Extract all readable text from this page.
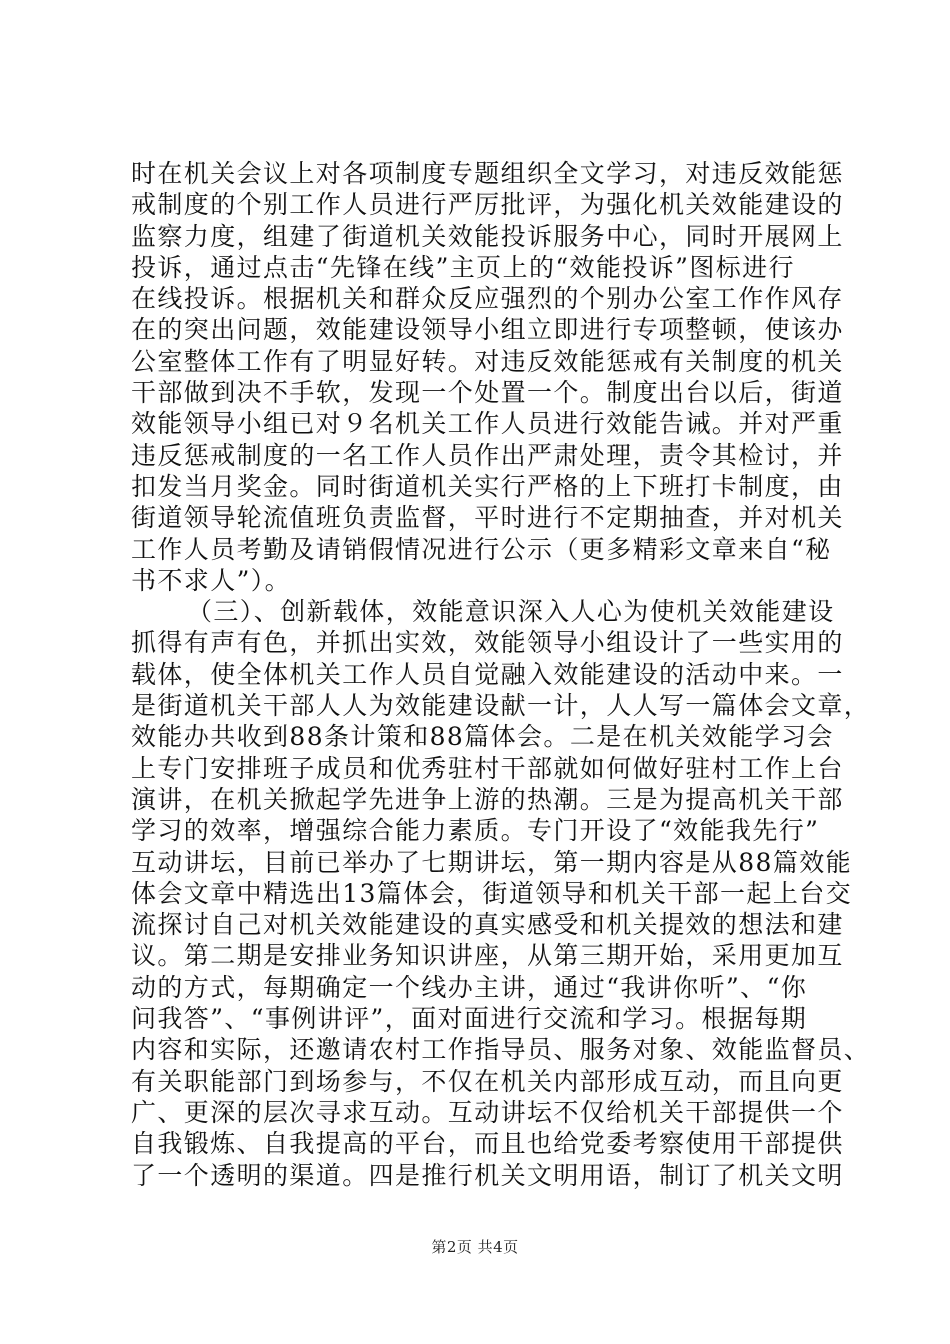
时在机关会议上对各项制度专题组织全文学习，对违反效能惩
戒制度的个别工作人员进行严厉批评，为强化机关效能建设的
监察力度，组建了街道机关效能投诉服务中心，同时开展网上
投诉，通过点击“先锋在线”主页上的“效能投诉”图标进行
在线投诉。根据机关和群众反应强烈的个别办公室工作作风存
在的突出问题，效能建设领导小组立即进行专项整顿，使该办
公室整体工作有了明显好转。对违反效能惩戒有关制度的机关
干部做到决不手软，发现一个处置一个。制度出台以后，街道
效能领导小组已对９名机关工作人员进行效能告诫。并对严重
违反惩戒制度的一名工作人员作出严肃处理，责令其检讨，并
扣发当月奖金。同时街道机关实行严格的上下班打卡制度，由
街道领导轮流值班负责监督，平时进行不定期抽查，并对机关
工作人员考勤及请销假情况进行公示（更多精彩文章来自“秘
书不求人”）。
（三）、创新载体，效能意识深入人心为使机关效能建设
抓得有声有色，并抓出实效，效能领导小组设计了一些实用的
载体，使全体机关工作人员自觉融入效能建设的活动中来。一
是街道机关干部人人为效能建设献一计，人人写一篇体会文章，
效能办共收到88条计策和88篇体会。二是在机关效能学习会
上专门安排班子成员和优秀驻村干部就如何做好驻村工作上台
演讲，在机关掀起学先进争上游的热潮。三是为提高机关干部
学习的效率，增强综合能力素质。专门开设了“效能我先行”
互动讲坛，目前已举办了七期讲坛，第一期内容是从88篇效能
体会文章中精选出13篇体会，街道领导和机关干部一起上台交
流探讨自己对机关效能建设的真实感受和机关提效的想法和建
议。第二期是安排业务知识讲座，从第三期开始，采用更加互
动的方式，每期确定一个线办主讲，通过“我讲你听”、“你
问我答”、“事例讲评”，面对面进行交流和学习。根据每期
内容和实际，还邀请农村工作指导员、服务对象、效能监督员、
有关职能部门到场参与，不仅在机关内部形成互动，而且向更
广、更深的层次寻求互动。互动讲坛不仅给机关干部提供一个
自我锻炼、自我提高的平台，而且也给党委考察使用干部提供
了一个透明的渠道。四是推行机关文明用语，制订了机关文明
第2页 共4页
